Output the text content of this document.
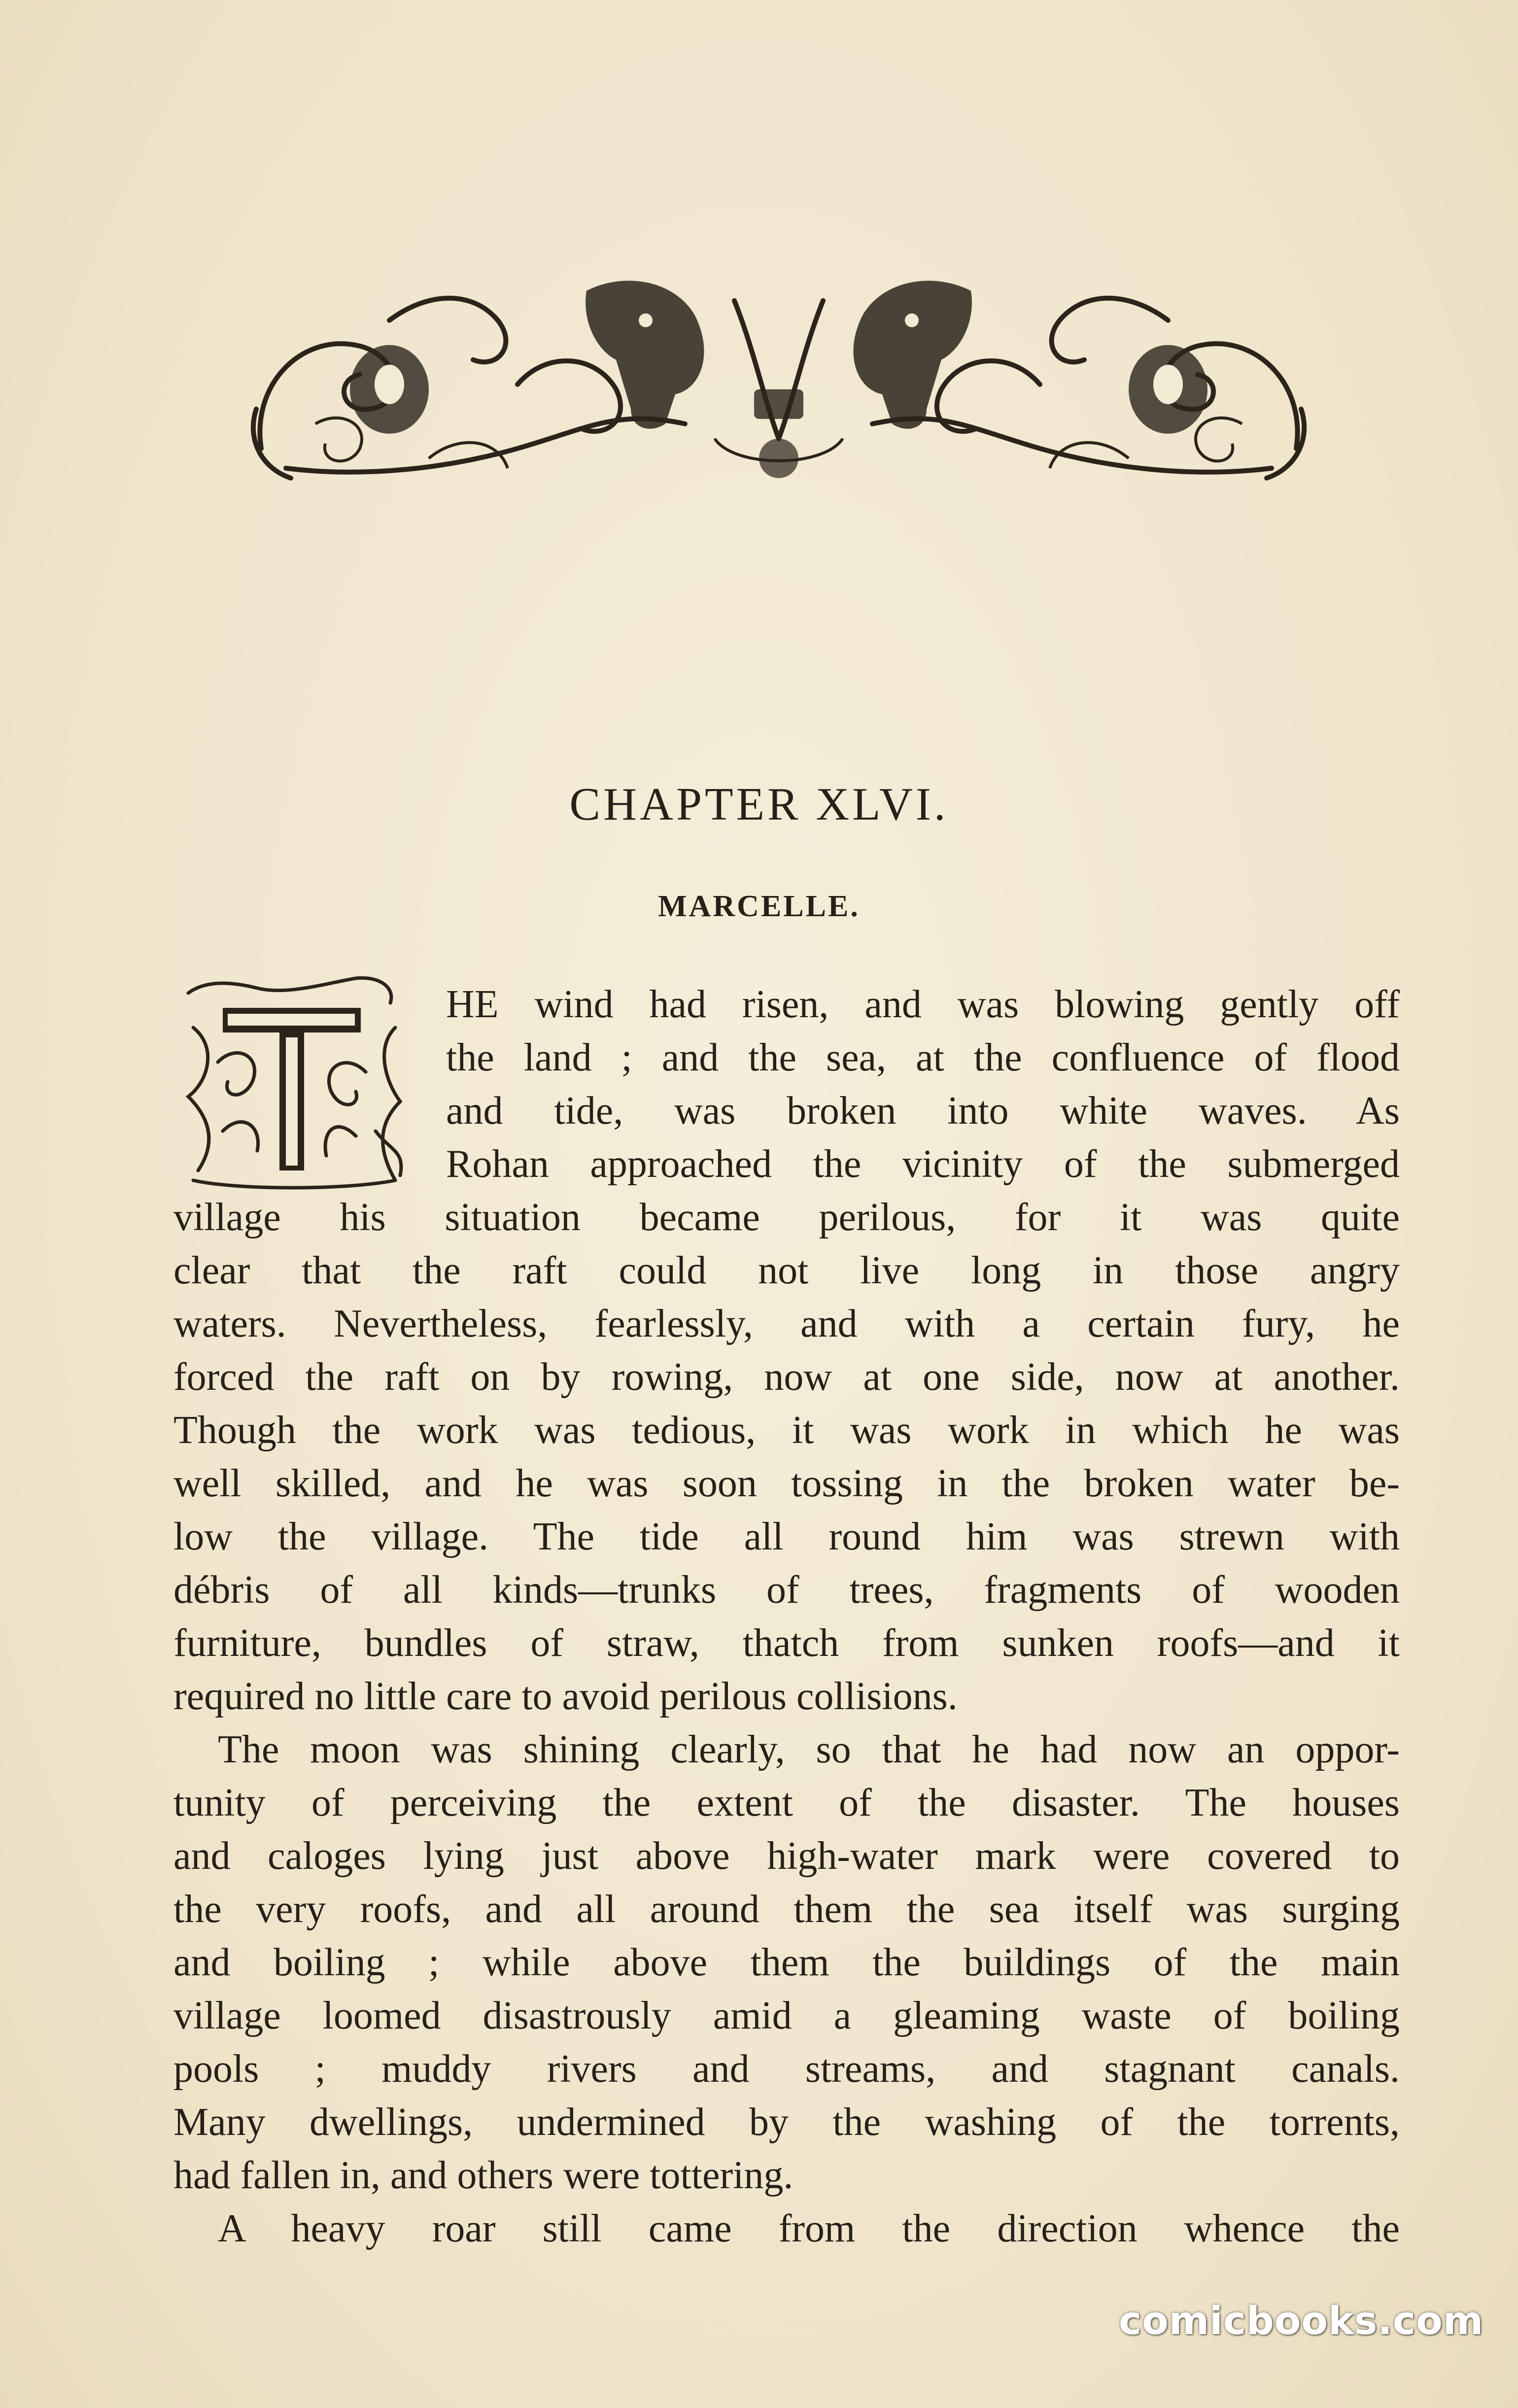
CHAPTER XLVI.
MARCELLE.
HE wind had risen, and was blowing gently off
the land ; and the sea, at the confluence of flood
and tide, was broken into white waves. As
Rohan approached the vicinity of the submerged
village his situation became perilous, for it was quite
clear that the raft could not live long in those angry
waters. Nevertheless, fearlessly, and with a certain fury, he
forced the raft on by rowing, now at one side, now at another.
Though the work was tedious, it was work in which he was
well skilled, and he was soon tossing in the broken water be-
low the village. The tide all round him was strewn with
débris of all kinds—trunks of trees, fragments of wooden
furniture, bundles of straw, thatch from sunken roofs—and it
required no little care to avoid perilous collisions.
The moon was shining clearly, so that he had now an oppor-
tunity of perceiving the extent of the disaster. The houses
and caloges lying just above high-water mark were covered to
the very roofs, and all around them the sea itself was surging
and boiling ; while above them the buildings of the main
village loomed disastrously amid a gleaming waste of boiling
pools ; muddy rivers and streams, and stagnant canals.
Many dwellings, undermined by the washing of the torrents,
had fallen in, and others were tottering.
A heavy roar still came from the direction whence the
comicbooks.com
